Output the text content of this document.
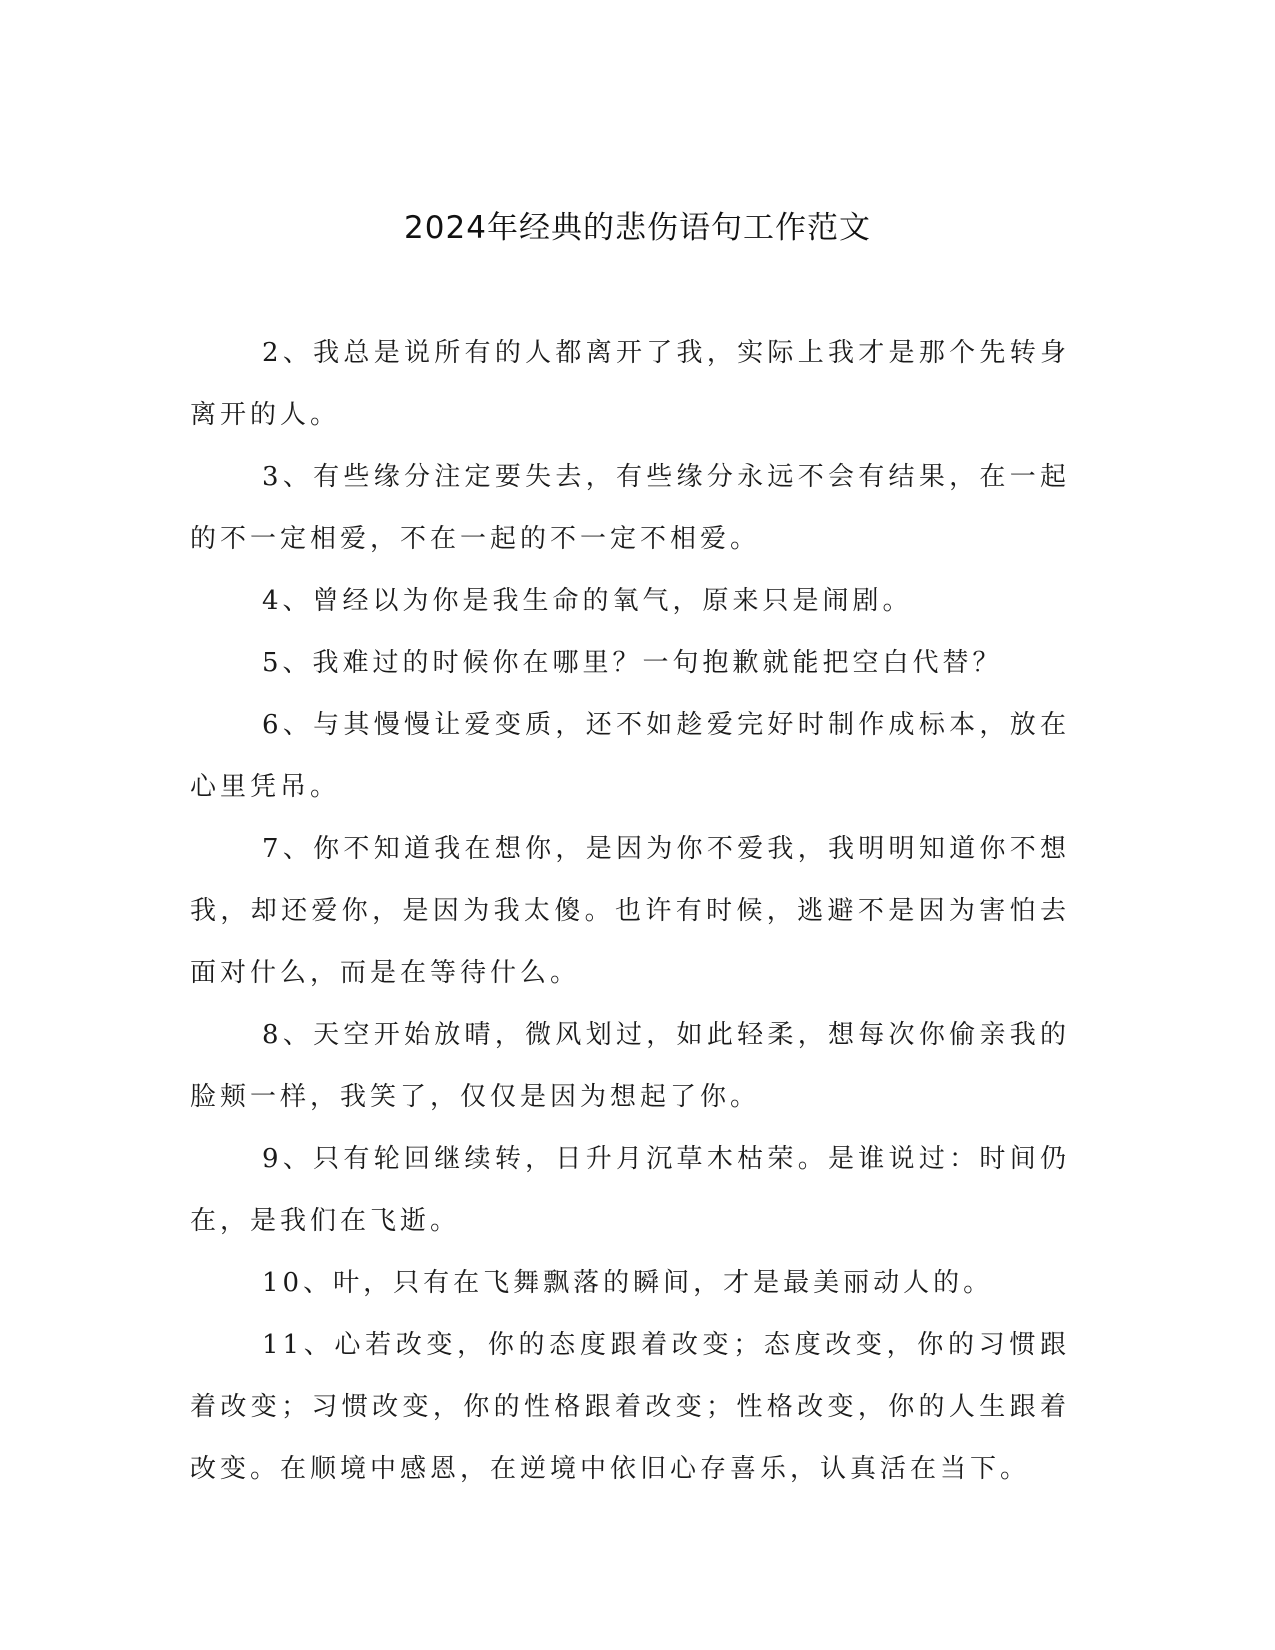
2024年经典的悲伤语句工作范文

2、我总是说所有的人都离开了我，实际上我才是那个先转身离开的人。

3、有些缘分注定要失去，有些缘分永远不会有结果，在一起的不一定相爱，不在一起的不一定不相爱。

4、曾经以为你是我生命的氧气，原来只是闹剧。

5、我难过的时候你在哪里？一句抱歉就能把空白代替？

6、与其慢慢让爱变质，还不如趁爱完好时制作成标本，放在心里凭吊。

7、你不知道我在想你，是因为你不爱我，我明明知道你不想我，却还爱你，是因为我太傻。也许有时候，逃避不是因为害怕去面对什么，而是在等待什么。

8、天空开始放晴，微风划过，如此轻柔，想每次你偷亲我的脸颊一样，我笑了，仅仅是因为想起了你。

9、只有轮回继续转，日升月沉草木枯荣。是谁说过：时间仍在，是我们在飞逝。

10、叶，只有在飞舞飘落的瞬间，才是最美丽动人的。

11、心若改变，你的态度跟着改变；态度改变，你的习惯跟着改变；习惯改变，你的性格跟着改变；性格改变，你的人生跟着改变。在顺境中感恩，在逆境中依旧心存喜乐，认真活在当下。
